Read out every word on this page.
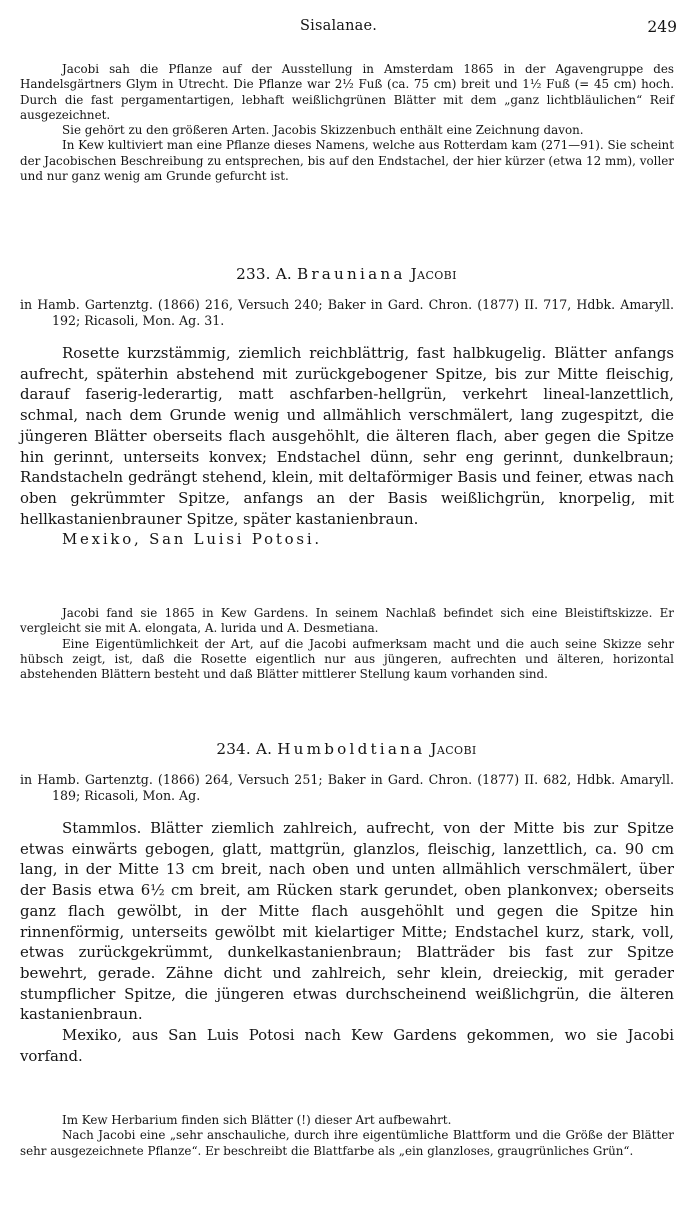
Sisalanae.	249

Jacobi sah die Pflanze auf der Ausstellung in Amsterdam 1865 in der Agavengruppe des Handelsgärtners Glym in Utrecht. Die Pflanze war 2½ Fuß (ca. 75 cm) breit und 1½ Fuß (= 45 cm) hoch. Durch die fast pergamentartigen, lebhaft weißlichgrünen Blätter mit dem „ganz lichtbläulichen“ Reif ausgezeichnet.

Sie gehört zu den größeren Arten. Jacobis Skizzenbuch enthält eine Zeichnung davon.

In Kew kultiviert man eine Pflanze dieses Namens, welche aus Rotterdam kam (271—91). Sie scheint der Jacobischen Beschreibung zu entsprechen, bis auf den Endstachel, der hier kürzer (etwa 12 mm), voller und nur ganz wenig am Grunde gefurcht ist.

233. A. Brauniana Jacobi

in Hamb. Gartenztg. (1866) 216, Versuch 240; Baker in Gard. Chron. (1877) II. 717, Hdbk. Amaryll. 192; Ricasoli, Mon. Ag. 31.

Rosette kurzstämmig, ziemlich reichblättrig, fast halbkugelig. Blätter anfangs aufrecht, späterhin abstehend mit zurückgebogener Spitze, bis zur Mitte fleischig, darauf faserig-lederartig, matt aschfarben-hellgrün, verkehrt lineal-lanzettlich, schmal, nach dem Grunde wenig und allmählich verschmälert, lang zugespitzt, die jüngeren Blätter oberseits flach ausgehöhlt, die älteren flach, aber gegen die Spitze hin gerinnt, unterseits konvex; Endstachel dünn, sehr eng gerinnt, dunkelbraun; Randstacheln gedrängt stehend, klein, mit deltaförmiger Basis und feiner, etwas nach oben gekrümmter Spitze, anfangs an der Basis weißlichgrün, knorpelig, mit hellkastanienbrauner Spitze, später kastanienbraun.

Mexiko, San Luisi Potosi.

Jacobi fand sie 1865 in Kew Gardens. In seinem Nachlaß befindet sich eine Bleistiftskizze. Er vergleicht sie mit A. elongata, A. lurida und A. Desmetiana.

Eine Eigentümlichkeit der Art, auf die Jacobi aufmerksam macht und die auch seine Skizze sehr hübsch zeigt, ist, daß die Rosette eigentlich nur aus jüngeren, aufrechten und älteren, horizontal abstehenden Blättern besteht und daß Blätter mittlerer Stellung kaum vorhanden sind.

234. A. Humboldtiana Jacobi

in Hamb. Gartenztg. (1866) 264, Versuch 251; Baker in Gard. Chron. (1877) II. 682, Hdbk. Amaryll. 189; Ricasoli, Mon. Ag.

Stammlos. Blätter ziemlich zahlreich, aufrecht, von der Mitte bis zur Spitze etwas einwärts gebogen, glatt, mattgrün, glanzlos, fleischig, lanzettlich, ca. 90 cm lang, in der Mitte 13 cm breit, nach oben und unten allmählich verschmälert, über der Basis etwa 6½ cm breit, am Rücken stark gerundet, oben plankonvex; oberseits ganz flach gewölbt, in der Mitte flach ausgehöhlt und gegen die Spitze hin rinnenförmig, unterseits gewölbt mit kielartiger Mitte; Endstachel kurz, stark, voll, etwas zurückgekrümmt, dunkelkastanienbraun; Blatträder bis fast zur Spitze bewehrt, gerade. Zähne dicht und zahlreich, sehr klein, dreieckig, mit gerader stumpflicher Spitze, die jüngeren etwas durchscheinend weißlichgrün, die älteren kastanienbraun.

Mexiko, aus San Luis Potosi nach Kew Gardens gekommen, wo sie Jacobi vorfand.

Im Kew Herbarium finden sich Blätter (!) dieser Art aufbewahrt.

Nach Jacobi eine „sehr anschauliche, durch ihre eigentümliche Blattform und die Größe der Blätter sehr ausgezeichnete Pflanze“. Er beschreibt die Blattfarbe als „ein glanzloses, graugrünliches Grün“.
